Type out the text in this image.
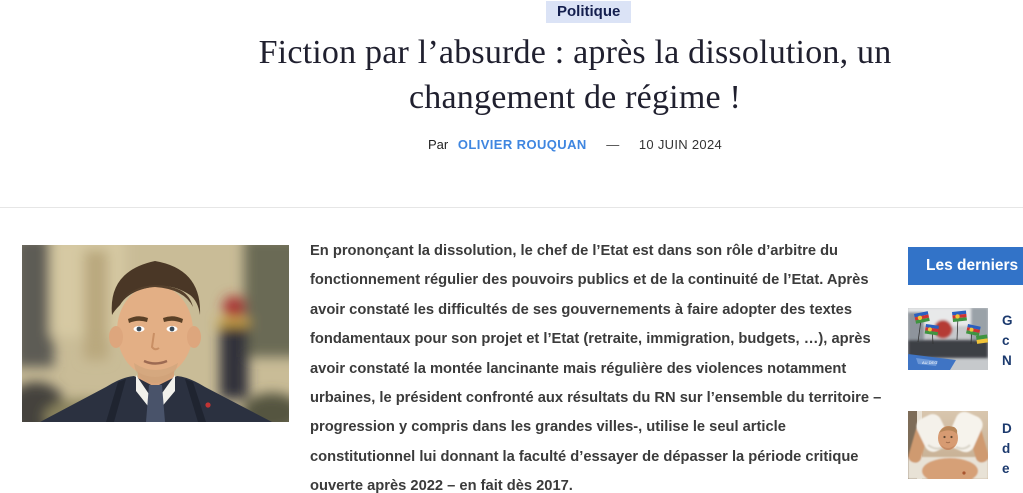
Politique
Fiction par l’absurde : après la dissolution, un changement de régime !
Par OLIVIER ROUQUAN — 10 JUIN 2024

En prononçant la dissolution, le chef de l’Etat est dans son rôle d’arbitre du fonctionnement régulier des pouvoirs publics et de la continuité de l’Etat. Après avoir constaté les difficultés de ses gouvernements à faire adopter des textes fondamentaux pour son projet et l’Etat (retraite, immigration, budgets, …), après avoir constaté la montée lancinante mais régulière des violences notamment urbaines, le président confronté aux résultats du RN sur l’ensemble du territoire – progression y compris dans les grandes villes-, utilise le seul article constitutionnel lui donnant la faculté d’essayer de dépasser la période critique ouverte après 2022 – en fait dès 2017.

Les derniers
AU DEG
G
c
N
D
d
e
